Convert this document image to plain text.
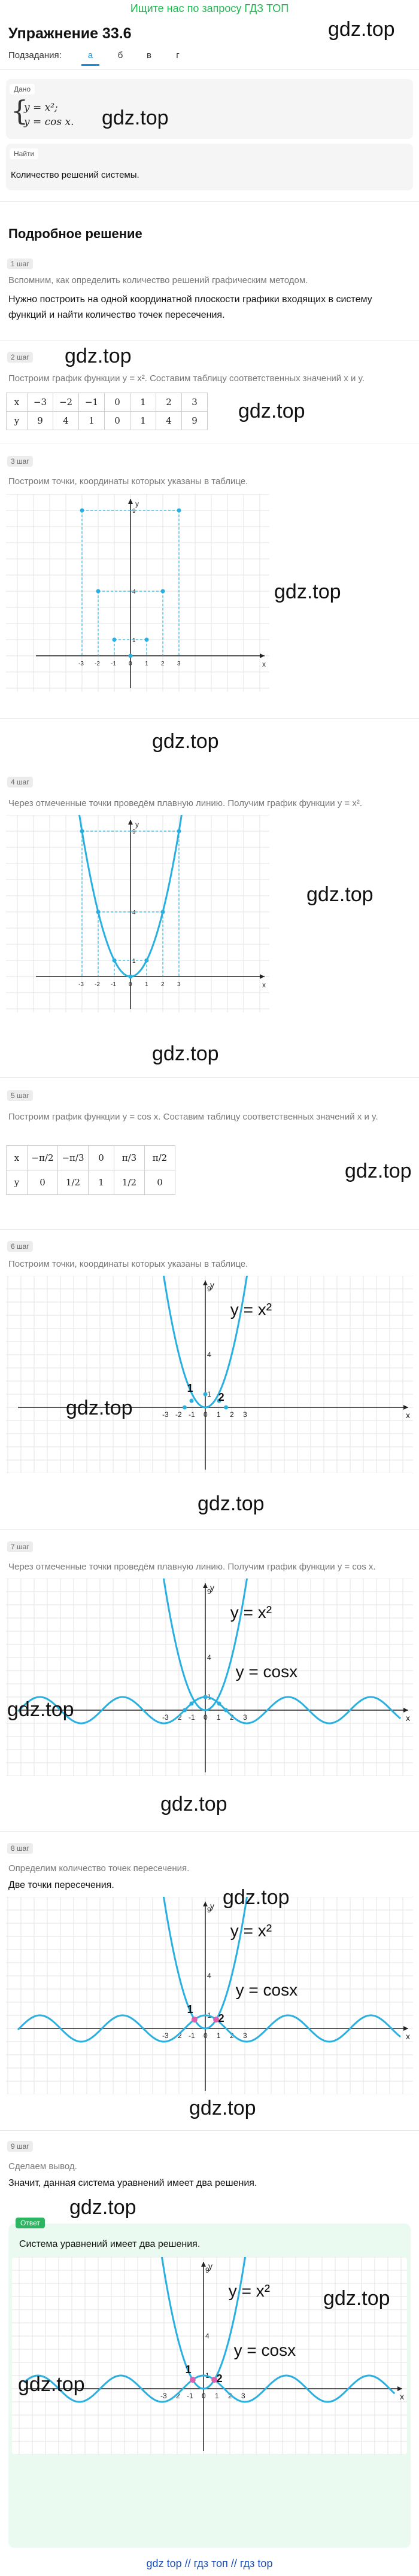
Ищите нас по запросу ГДЗ ТОП
Упражнение 33.6	gdz.top
Подзадания:	а	б	в	г
Дано
{
y = x²;
y = cos x. gdz.top
Найти
Количество решений системы.
Подробное решение
1 шаг
Вспомним, как определить количество решений графическим методом.
Нужно построить на одной координатной плоскости графики входящих в систему функций и найти количество точек пересечения.
2 шаг gdz.top
Построим график функции y = x². Составим таблицу соответственных значений x и y.
gdz.top
x	−3	−2	−1	0	1	2	3
y	9	4	1	0	1	4	9
3 шаг
Построим точки, координаты которых указаны в таблице.
x
y
-3 -2 -1 0 1 2 3
1
4
9
gdz.top
gdz.top
4 шаг
Через отмеченные точки проведём плавную линию. Получим график функции y = x².
x
y
-3 -2 -1 0 1 2 3
1
4
9
gdz.top
gdz.top
5 шаг
Построим график функции y = cos x. Составим таблицу соответственных значений x и y.
gdz.top
x	−π/2	−π/3	0	π/3	π/2
y	0	1/2	1	1/2	0
6 шаг
Построим точки, координаты которых указаны в таблице.
x
y
-3 -2 -1 0 1 2 3
1
4
9
1
2
y = x²
gdz.top
gdz.top
7 шаг
Через отмеченные точки проведём плавную линию. Получим график функции y = cos x.
x
y
-3 -2 -1 0 1 2 3
1
4
9
y = x²
y = cosx
gdz.top
gdz.top
8 шаг
Определим количество точек пересечения.
Две точки пересечения.
x
y
-3 -2 -1 0 1 2 3
1
4
9
1
2
y = x²
y = cosx
gdz.top
gdz.top
9 шаг
Сделаем вывод.
Значит, данная система уравнений имеет два решения.
gdz.top
Ответ
Система уравнений имеет два решения.
x
y
-3 -2 -1 0 1 2 3
1
4
9
1
2
y = x²
y = cosx
gdz.top
gdz.top
gdz top // гдз топ // гдз top
